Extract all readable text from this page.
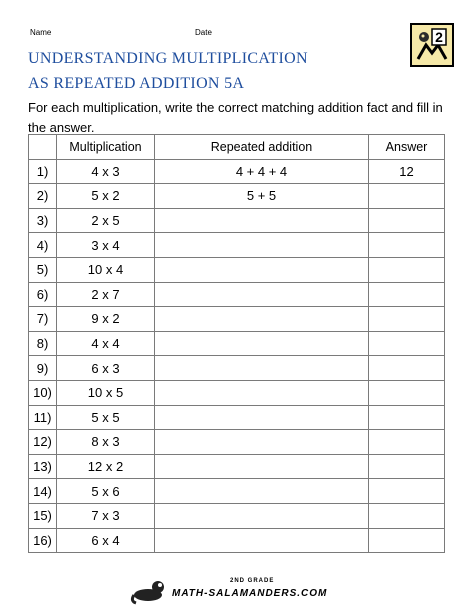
Name	Date	2
UNDERSTANDING MULTIPLICATION
AS REPEATED ADDITION 5A
For each multiplication, write the correct matching addition fact and fill in the answer.
	Multiplication	Repeated addition	Answer
1)	4 x 3	4 + 4 + 4	12
2)	5 x 2	5 + 5	
3)	2 x 5		
4)	3 x 4		
5)	10 x 4		
6)	2 x 7		
7)	9 x 2		
8)	4 x 4		
9)	6 x 3		
10)	10 x 5		
11)	5 x 5		
12)	8 x 3		
13)	12 x 2		
14)	5 x 6		
15)	7 x 3		
16)	6 x 4		
2ND GRADE
MATH-SALAMANDERS.COM
